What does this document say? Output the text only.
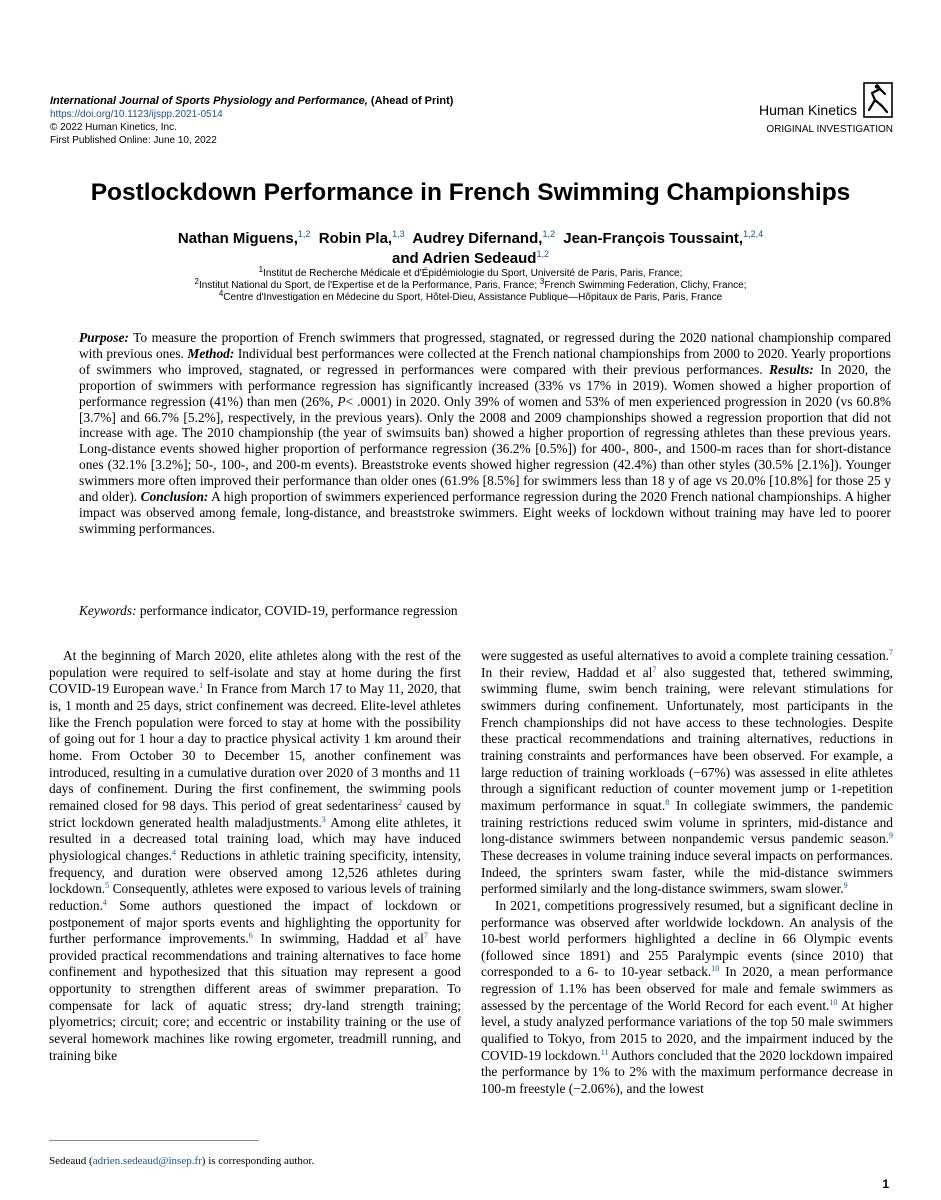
International Journal of Sports Physiology and Performance, (Ahead of Print)
https://doi.org/10.1123/ijspp.2021-0514
© 2022 Human Kinetics, Inc.
First Published Online: June 10, 2022
Human Kinetics
ORIGINAL INVESTIGATION
Postlockdown Performance in French Swimming Championships
Nathan Miguens,$^{1,2}$ Robin Pla,$^{1,3}$ Audrey Difernand,$^{1,2}$ Jean-François Toussaint,$^{1,2,4}$
and Adrien Sedeaud$^{1,2}$
$^1$Institut de Recherche Médicale et d'Épidémiologie du Sport, Université de Paris, Paris, France;
$^2$Institut National du Sport, de l'Expertise et de la Performance, Paris, France; $^3$French Swimming Federation, Clichy, France;
$^4$Centre d'Investigation en Médecine du Sport, Hôtel-Dieu, Assistance Publique—Hôpitaux de Paris, Paris, France
Purpose: To measure the proportion of French swimmers that progressed, stagnated, or regressed during the 2020 national championship compared with previous ones. Method: Individual best performances were collected at the French national championships from 2000 to 2020. Yearly proportions of swimmers who improved, stagnated, or regressed in performances were compared with their previous performances. Results: In 2020, the proportion of swimmers with performance regression has significantly increased (33% vs 17% in 2019). Women showed a higher proportion of performance regression (41%) than men (26%, P< .0001) in 2020. Only 39% of women and 53% of men experienced progression in 2020 (vs 60.8% [3.7%] and 66.7% [5.2%], respectively, in the previous years). Only the 2008 and 2009 championships showed a regression proportion that did not increase with age. The 2010 championship (the year of swimsuits ban) showed a higher proportion of regressing athletes than these previous years. Long-distance events showed higher proportion of performance regression (36.2% [0.5%]) for 400-, 800-, and 1500-m races than for short-distance ones (32.1% [3.2%]; 50-, 100-, and 200-m events). Breaststroke events showed higher regression (42.4%) than other styles (30.5% [2.1%]). Younger swimmers more often improved their performance than older ones (61.9% [8.5%] for swimmers less than 18 y of age vs 20.0% [10.8%] for those 25 y and older). Conclusion: A high proportion of swimmers experienced performance regression during the 2020 French national championships. A higher impact was observed among female, long-distance, and breaststroke swimmers. Eight weeks of lockdown without training may have led to poorer swimming performances.
Keywords: performance indicator, COVID-19, performance regression

At the beginning of March 2020, elite athletes along with the rest of the population were required to self-isolate and stay at home during the first COVID-19 European wave.$^1$ In France from March 17 to May 11, 2020, that is, 1 month and 25 days, strict confinement was decreed. Elite-level athletes like the French population were forced to stay at home with the possibility of going out for 1 hour a day to practice physical activity 1 km around their home. From October 30 to December 15, another confinement was introduced, resulting in a cumulative duration over 2020 of 3 months and 11 days of confinement. During the first confinement, the swimming pools remained closed for 98 days. This period of great sedentariness$^2$ caused by strict lockdown generated health maladjustments.$^3$ Among elite athletes, it resulted in a decreased total training load, which may have induced physiological changes.$^4$ Reductions in athletic training specificity, intensity, frequency, and duration were observed among 12,526 athletes during lockdown.$^5$ Consequently, athletes were exposed to various levels of training reduction.$^4$ Some authors questioned the impact of lockdown or postponement of major sports events and highlighting the opportunity for further performance improvements.$^6$ In swimming, Haddad et $al^7$ have provided practical recommendations and training alternatives to face home confinement and hypothesized that this situation may represent a good opportunity to strengthen different areas of swimmer preparation. To compensate for lack of aquatic stress; dry-land strength training; plyometrics; circuit; core; and eccentric or instability training or the use of several homework machines like rowing ergometer, treadmill running, and training bike

were suggested as useful alternatives to avoid a complete training cessation.$^7$ In their review, Haddad et $al^7$ also suggested that, tethered swimming, swimming flume, swim bench training, were relevant stimulations for swimmers during confinement. Unfortunately, most participants in the French championships did not have access to these technologies. Despite these practical recommendations and training alternatives, reductions in training constraints and performances have been observed. For example, a large reduction of training workloads (−67%) was assessed in elite athletes through a significant reduction of counter movement jump or 1-repetition maximum performance in squat.$^8$ In collegiate swimmers, the pandemic training restrictions reduced swim volume in sprinters, mid-distance and long-distance swimmers between nonpandemic versus pandemic season.$^9$ These decreases in volume training induce several impacts on performances. Indeed, the sprinters swam faster, while the mid-distance swimmers performed similarly and the long-distance swimmers, swam slower.$^9$

In 2021, competitions progressively resumed, but a significant decline in performance was observed after worldwide lockdown. An analysis of the 10-best world performers highlighted a decline in 66 Olympic events (followed since 1891) and 255 Paralympic events (since 2010) that corresponded to a 6- to 10-year setback.$^{10}$ In 2020, a mean performance regression of 1.1% has been observed for male and female swimmers as assessed by the percentage of the World Record for each event.$^{10}$ At higher level, a study analyzed performance variations of the top 50 male swimmers qualified to Tokyo, from 2015 to 2020, and the impairment induced by the COVID-19 lockdown.$^{11}$ Authors concluded that the 2020 lockdown impaired the performance by 1% to 2% with the maximum performance decrease in 100-m freestyle (−2.06%), and the lowest

Sedeaud (adrien.sedeaud@insep.fr) is corresponding author.
1
